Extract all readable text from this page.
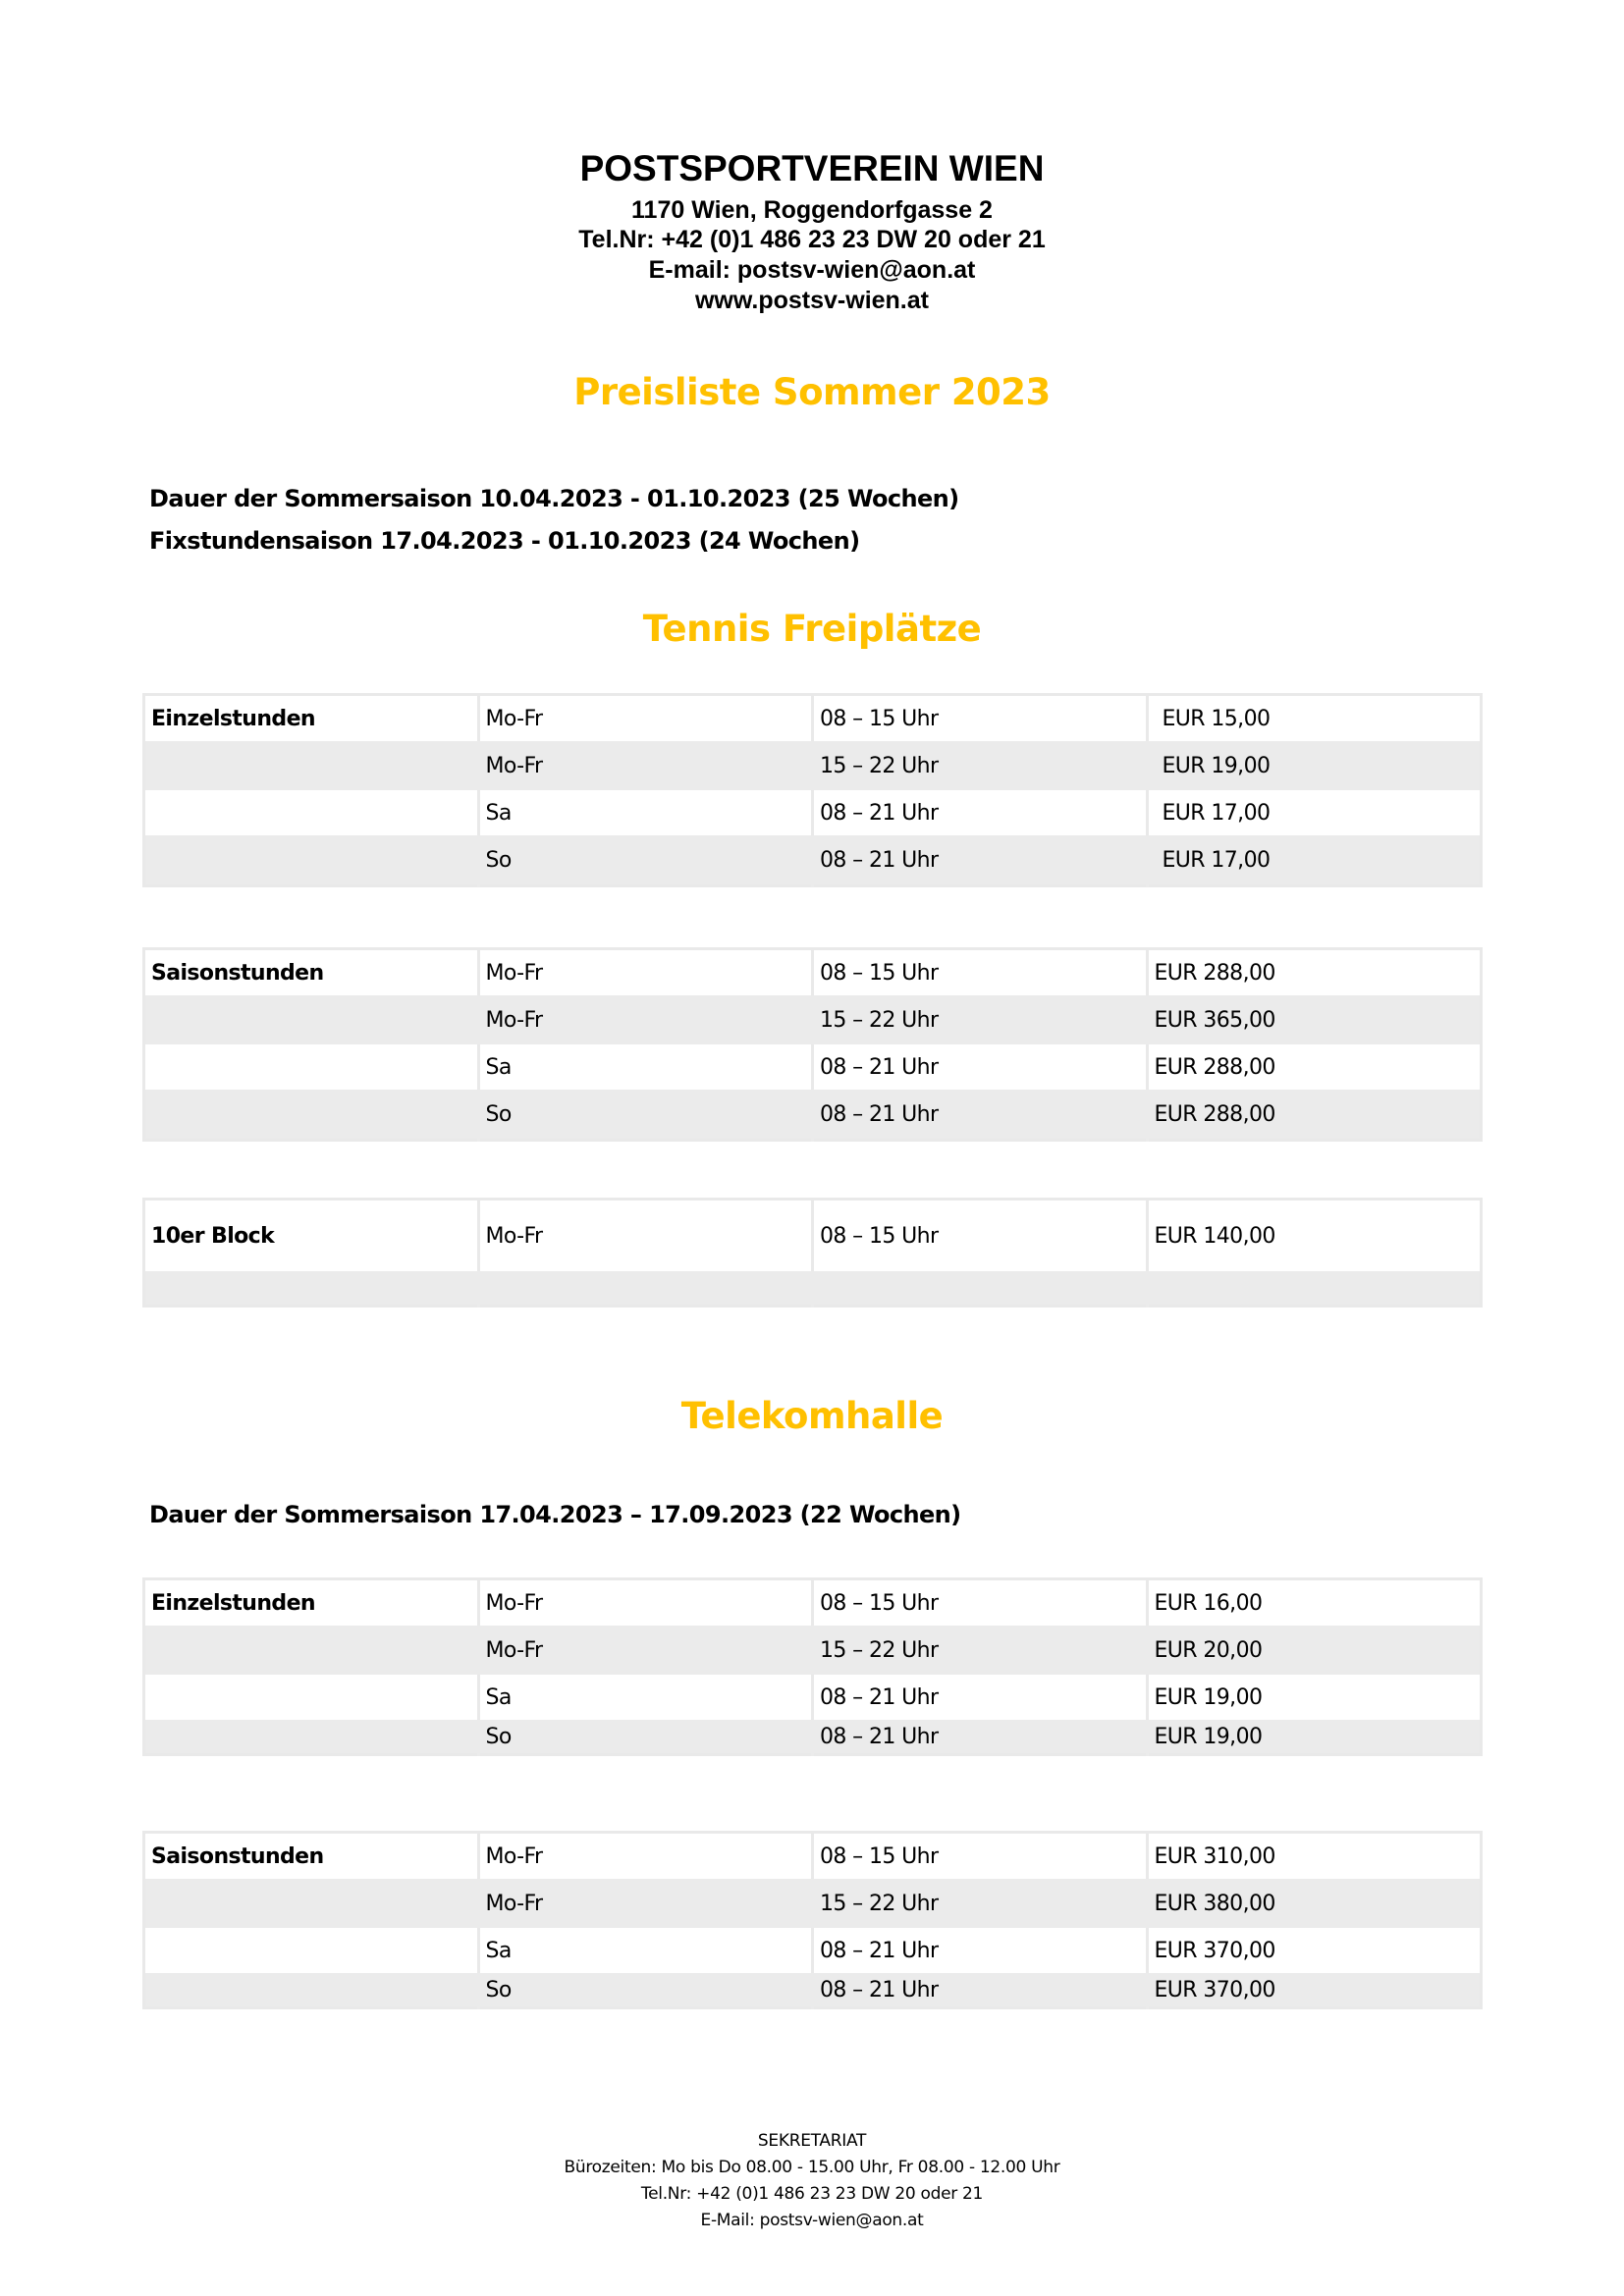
POSTSPORTVEREIN WIEN
1170 Wien, Roggendorfgasse 2
Tel.Nr: +42 (0)1 486 23 23 DW 20 oder 21
E-mail: postsv-wien@aon.at
www.postsv-wien.at
Preisliste Sommer 2023
Dauer der Sommersaison 10.04.2023 - 01.10.2023 (25 Wochen)
Fixstundensaison 17.04.2023 - 01.10.2023 (24 Wochen)
Tennis Freiplätze
Einzelstunden	Mo-Fr	08 – 15 Uhr	EUR 15,00
	Mo-Fr	15 – 22 Uhr	EUR 19,00
	Sa	08 – 21 Uhr	EUR 17,00
	So	08 – 21 Uhr	EUR 17,00
Saisonstunden	Mo-Fr	08 – 15 Uhr	EUR 288,00
	Mo-Fr	15 – 22 Uhr	EUR 365,00
	Sa	08 – 21 Uhr	EUR 288,00
	So	08 – 21 Uhr	EUR 288,00
10er Block	Mo-Fr	08 – 15 Uhr	EUR 140,00

Telekomhalle
Dauer der Sommersaison 17.04.2023 – 17.09.2023 (22 Wochen)
Einzelstunden	Mo-Fr	08 – 15 Uhr	EUR 16,00
	Mo-Fr	15 – 22 Uhr	EUR 20,00
	Sa	08 – 21 Uhr	EUR 19,00
	So	08 – 21 Uhr	EUR 19,00
Saisonstunden	Mo-Fr	08 – 15 Uhr	EUR 310,00
	Mo-Fr	15 – 22 Uhr	EUR 380,00
	Sa	08 – 21 Uhr	EUR 370,00
	So	08 – 21 Uhr	EUR 370,00
SEKRETARIAT
Bürozeiten: Mo bis Do 08.00 - 15.00 Uhr, Fr 08.00 - 12.00 Uhr
Tel.Nr: +42 (0)1 486 23 23 DW 20 oder 21
E-Mail: postsv-wien@aon.at
